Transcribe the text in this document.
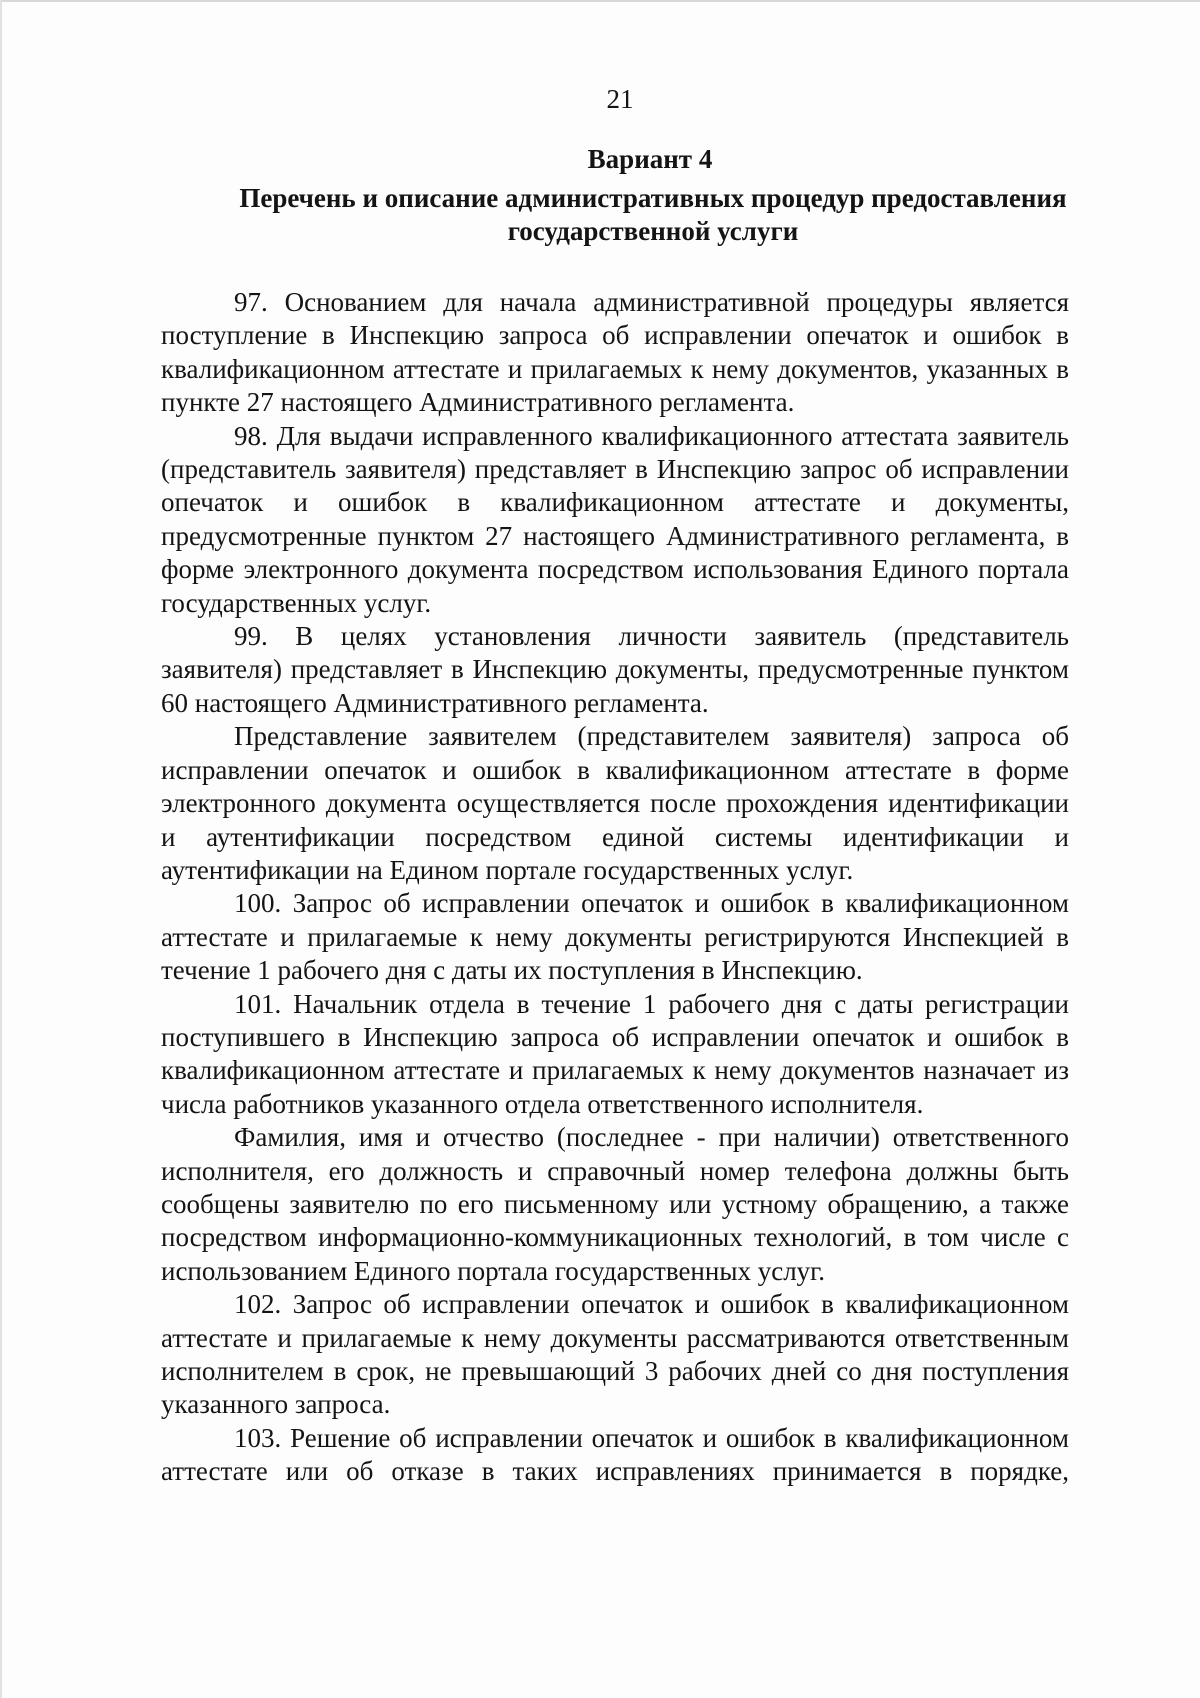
21
Вариант 4
Перечень и описание административных процедур предоставления государственной услуги

97. Основанием для начала административной процедуры является поступление в Инспекцию запроса об исправлении опечаток и ошибок в квалификационном аттестате и прилагаемых к нему документов, указанных в пункте 27 настоящего Административного регламента.

98. Для выдачи исправленного квалификационного аттестата заявитель (представитель заявителя) представляет в Инспекцию запрос об исправлении опечаток и ошибок в квалификационном аттестате и документы, предусмотренные пунктом 27 настоящего Административного регламента, в форме электронного документа посредством использования Единого портала государственных услуг.

99. В целях установления личности заявитель (представитель заявителя) представляет в Инспекцию документы, предусмотренные пунктом 60 настоящего Административного регламента.

Представление заявителем (представителем заявителя) запроса об исправлении опечаток и ошибок в квалификационном аттестате в форме электронного документа осуществляется после прохождения идентификации и аутентификации посредством единой системы идентификации и аутентификации на Едином портале государственных услуг.

100. Запрос об исправлении опечаток и ошибок в квалификационном аттестате и прилагаемые к нему документы регистрируются Инспекцией в течение 1 рабочего дня с даты их поступления в Инспекцию.

101. Начальник отдела в течение 1 рабочего дня с даты регистрации поступившего в Инспекцию запроса об исправлении опечаток и ошибок в квалификационном аттестате и прилагаемых к нему документов назначает из числа работников указанного отдела ответственного исполнителя.

Фамилия, имя и отчество (последнее - при наличии) ответственного исполнителя, его должность и справочный номер телефона должны быть сообщены заявителю по его письменному или устному обращению, а также посредством информационно-коммуникационных технологий, в том числе с использованием Единого портала государственных услуг.

102. Запрос об исправлении опечаток и ошибок в квалификационном аттестате и прилагаемые к нему документы рассматриваются ответственным исполнителем в срок, не превышающий 3 рабочих дней со дня поступления указанного запроса.

103. Решение об исправлении опечаток и ошибок в квалификационном аттестате или об отказе в таких исправлениях принимается в порядке,
